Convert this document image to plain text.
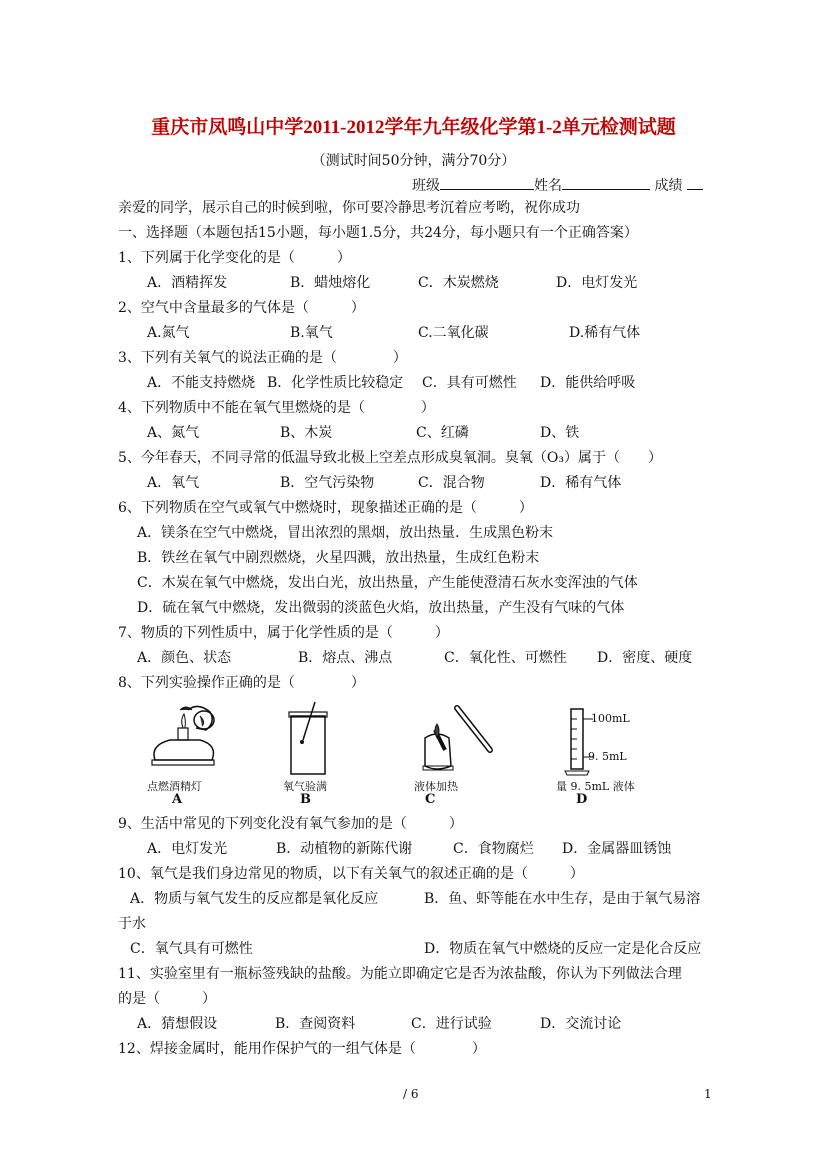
重庆市凤鸣山中学2011-2012学年九年级化学第1-2单元检测试题
（测试时间50分钟，满分70分）
班级	姓名	成绩
亲爱的同学，展示自己的时候到啦，你可要冷静思考沉着应考哟，祝你成功
一、选择题（本题包括15小题，每小题1.5分，共24分，每小题只有一个正确答案）
1、下列属于化学变化的是（　　　）
A．酒精挥发	B．蜡烛熔化	C．木炭燃烧	D．电灯发光
2、空气中含量最多的气体是（　　　）
A.氮气	B.氧气	C.二氧化碳	D.稀有气体
3、下列有关氧气的说法正确的是（　　　　）
A．不能支持燃烧 B．化学性质比较稳定 C．具有可燃性 D．能供给呼吸
4、下列物质中不能在氧气里燃烧的是（　　　　）
A、氮气	B、木炭	C、红磷	D、铁
5、今年春天，不同寻常的低温导致北极上空差点形成臭氧洞。臭氧（O₃）属于（　　）
A．氧气	B．空气污染物	C．混合物	D．稀有气体
6、下列物质在空气或氧气中燃烧时，现象描述正确的是（　　　）
A．镁条在空气中燃烧，冒出浓烈的黑烟，放出热量．生成黑色粉末
B．铁丝在氧气中剧烈燃烧，火星四溅，放出热量，生成红色粉末
C．木炭在氧气中燃烧，发出白光，放出热量，产生能使澄清石灰水变浑浊的气体
D．硫在氧气中燃烧，发出微弱的淡蓝色火焰，放出热量，产生没有气味的气体
7、物质的下列性质中，属于化学性质的是（　　　）
A．颜色、状态	B．熔点、沸点	C．氧化性、可燃性 D．密度、硬度
8、下列实验操作正确的是（　　　　）
点燃酒精灯
A
氧气验满
B
液体加热
C
100mL
9. 5mL
量 9. 5mL 液体
D
9、生活中常见的下列变化没有氧气参加的是（　　　）
A．电灯发光	B．动植物的新陈代谢	C．食物腐烂 D．金属器皿锈蚀
10、氧气是我们身边常见的物质，以下有关氧气的叙述正确的是（　　　）
A．物质与氧气发生的反应都是氧化反应	B．鱼、虾等能在水中生存，是由于氧气易溶
于水
C．氧气具有可燃性	D．物质在氧气中燃烧的反应一定是化合反应
11、实验室里有一瓶标签残缺的盐酸。为能立即确定它是否为浓盐酸，你认为下列做法合理
的是（　　　）
A．猜想假设	B．查阅资料	C．进行试验	D．交流讨论
12、焊接金属时，能用作保护气的一组气体是（　　　　）
/ 6	1
